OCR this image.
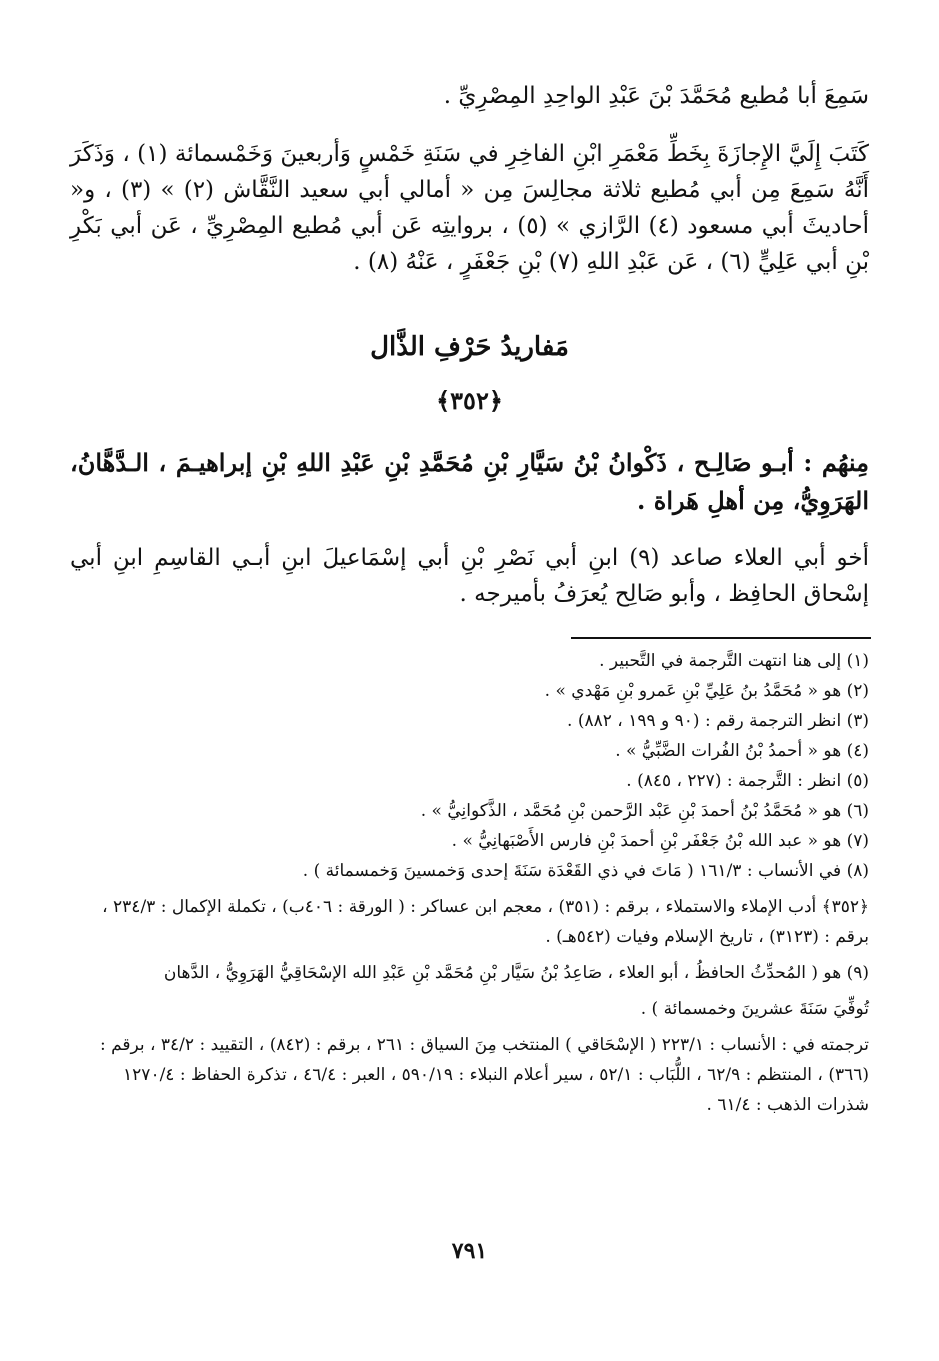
سَمِعَ أبا مُطيع مُحَمَّدَ بْنَ عَبْدِ الواحِدِ المِصْرِيِّ .

كَتَبَ إِلَيَّ الإِجازَةَ بِخَطِّ مَعْمَرِ ابْنِ الفاخِرِ في سَنَةِ خَمْسٍ وَأربعينَ وَخَمْسمائة (١) ، وَذَكَرَ أَنَّهُ سَمِعَ مِن أبي مُطيع ثلاثة مجالِسَ مِن « أمالي أبي سعيد النَّقَّاش (٢) » (٣) ، و« أحاديثَ أبي مسعود (٤) الرَّازي » (٥) ، بروايتِه عَن أبي مُطيع المِصْرِيِّ ، عَن أبي بَكْرِ بْنِ أبي عَلِيٍّ (٦) ، عَن عَبْدِ اللهِ (٧) بْنِ جَعْفَرٍ ، عَنْهُ (٨) .

مَفاريدُ حَرْفِ الذَّال
﴿٣٥٢﴾

مِنهُم : أبـو صَالِـح ، ذَكْوانُ بْنُ سَيَّارِ بْنِ مُحَمَّدِ بْنِ عَبْدِ اللهِ بْنِ إبراهيـمَ ، الـدَّهَّانُ، الهَرَوِيُّ، مِن أهلِ هَراة .

أخو أبي العلاء صاعد (٩) ابنِ أبي نَصْرِ بْنِ أبي إسْمَاعيلَ ابنِ أبـي القاسِمِ ابنِ أبي إسْحاق الحافِظ ، وأبو صَالِح يُعرَفُ بأميرجه .

(١) إلى هنا انتهت التَّرجمة في التَّحبير .

(٢) هو « مُحَمَّدُ بنُ عَلِيِّ بْنِ عَمرو بْنِ مَهْدي » .

(٣) انظر الترجمة رقم : (٩٠ و ١٩٩ ، ٨٨٢) .

(٤) هو « أحمدُ بْنُ الفُرات الضَّبِّيُّ » .

(٥) انظر : التَّرجمة : (٢٢٧ ، ٨٤٥) .

(٦) هو « مُحَمَّدُ بْنُ أحمدَ بْنِ عَبْد الرَّحمن بْنِ مُحَمَّد ، الذَّكوانِيُّ » .

(٧) هو « عبد الله بْنُ جَعْفَر بْنِ أحمدَ بْنِ فارس الأَصْبَهانِيُّ » .

(٨) في الأنساب : ١٦١/٣ ( مَاتَ في ذي القَعْدَة سَنَةَ إحدى وَخمسينَ وَخمسمائة ) .

﴿٣٥٢﴾ أدب الإملاء والاستملاء ، برقم : (٣٥١) ، معجم ابن عساكر : ( الورقة : ٤٠٦ب) ، تكملة الإكمال : ٢٣٤/٣ ، برقم : (٣١٢٣) ، تاريخ الإسلام وفيات (٥٤٢هـ) .

(٩) هو ( المُحدِّثُ الحافظُ ، أبو العلاء ، صَاعِدُ بْنُ سَيَّار بْنِ مُحَمَّد بْنِ عَبْدِ الله الإسْحَاقِيُّ الهَرَوِيُّ ، الدَّهان

تُوفِّيَ سَنَةَ عشرينَ وخمسمائة ) .

ترجمته في : الأنساب : ٢٢٣/١ ( الإسْحَاقي ) المنتخب مِنَ السياق : ٢٦١ ، برقم : (٨٤٢) ، التقييد : ٣٤/٢ ، برقم : (٣٦٦) ، المنتظم : ٦٢/٩ ، اللُّبَاب : ٥٢/١ ، سير أعلام النبلاء : ٥٩٠/١٩ ، العبر : ٤٦/٤ ، تذكرة الحفاظ : ١٢٧٠/٤ شذرات الذهب : ٦١/٤ .

٧٩١
